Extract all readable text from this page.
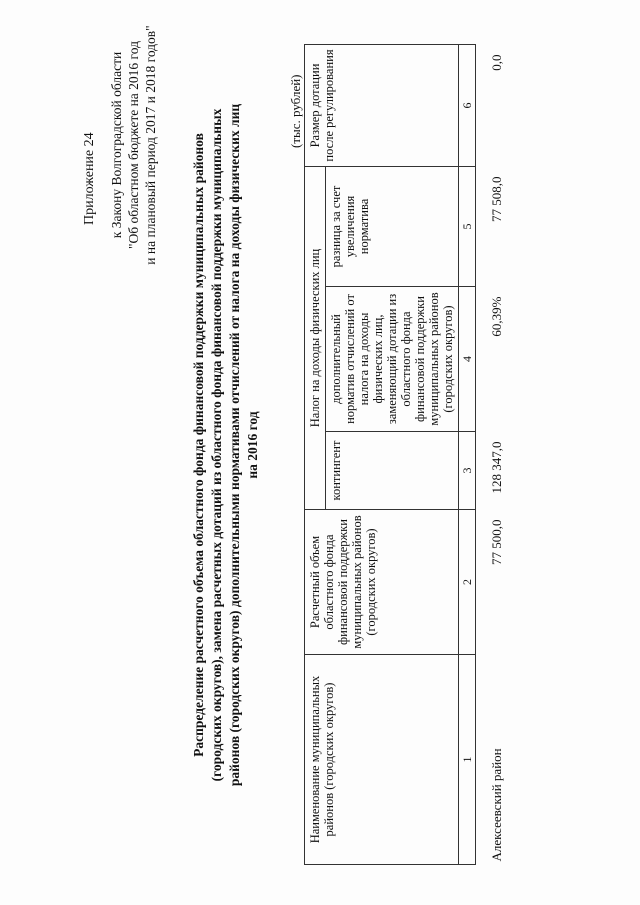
Приложение 24 к Закону Волгоградской области "Об областном бюджете на 2016 год и на плановый период 2017 и 2018 годов" Распределение расчетного объема областного фонда финансовой поддержки муниципальных районов (городских округов), замена расчетных дотаций из областного фонда финансовой поддержки муниципальных районов (городских округов) дополнительными нормативами отчислений от налога на доходы физических лиц на 2016 год
(тыс. рублей)
Наименование муниципальных районов (городских округов)	Расчетный объем областного фонда финансовой поддержки муниципальных районов (городских округов)	Налог на доходы физических лиц			Размер дотации после регулирования
		контингент	дополнительный норматив отчислений от налога на доходы физических лиц, заменяющий дотации из областного фонда финансовой поддержки муниципальных районов (городских округов)	разница за счет увеличения норматива	
1	2	3	4	5	6
Алексеевский район	77 500,0	128 347,0	60,39%	77 508,0	0,0
